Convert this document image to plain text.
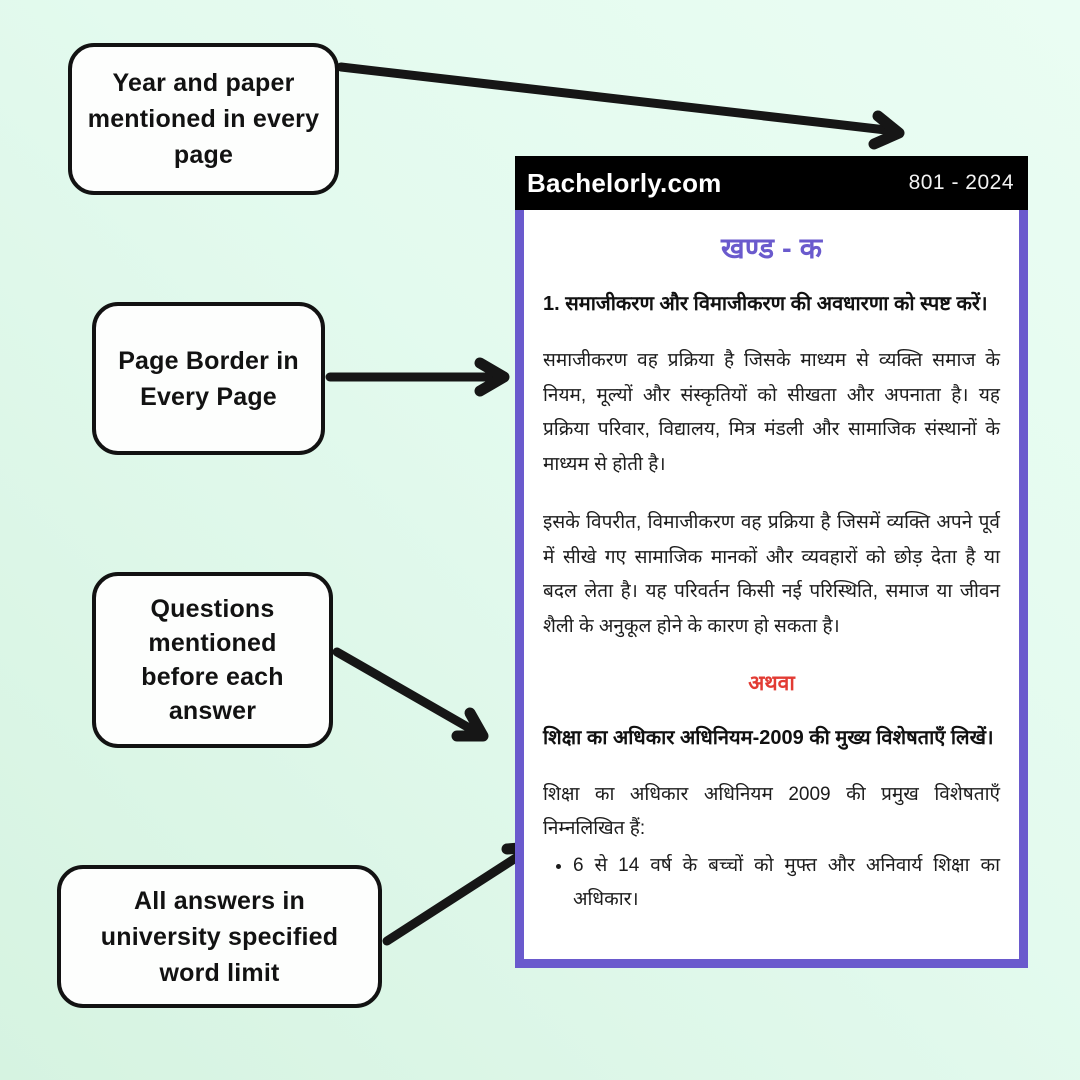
Year and paper mentioned in every page
Page Border in Every Page
Questions mentioned before each answer
All answers in university specified word limit
Bachelorly.com	801 - 2024
खण्ड - क

1. समाजीकरण और विमाजीकरण की अवधारणा को स्पष्ट करें।

समाजीकरण वह प्रक्रिया है जिसके माध्यम से व्यक्ति समाज के नियम, मूल्यों और संस्कृतियों को सीखता और अपनाता है। यह प्रक्रिया परिवार, विद्यालय, मित्र मंडली और सामाजिक संस्थानों के माध्यम से होती है।

इसके विपरीत, विमाजीकरण वह प्रक्रिया है जिसमें व्यक्ति अपने पूर्व में सीखे गए सामाजिक मानकों और व्यवहारों को छोड़ देता है या बदल लेता है। यह परिवर्तन किसी नई परिस्थिति, समाज या जीवन शैली के अनुकूल होने के कारण हो सकता है।

अथवा

शिक्षा का अधिकार अधिनियम-2009 की मुख्य विशेषताएँ लिखें।

शिक्षा का अधिकार अधिनियम 2009 की प्रमुख विशेषताएँ निम्नलिखित हैं:

• 6 से 14 वर्ष के बच्चों को मुफ्त और अनिवार्य शिक्षा का अधिकार।
